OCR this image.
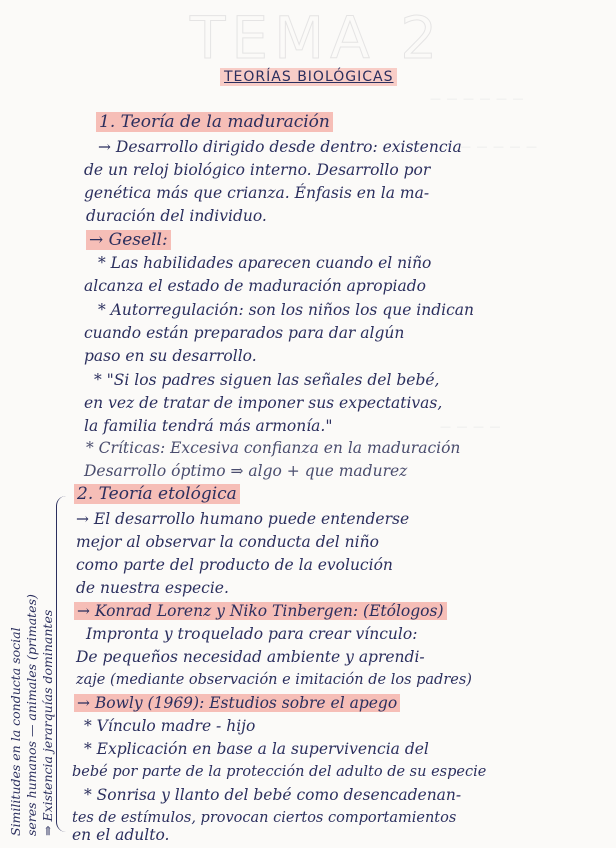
TEMA 2
— — — — — —
— — — — —
— — — —
TEORÍAS BIOLÓGICAS
1. Teoría de la maduración
→ Desarrollo dirigido desde dentro: existencia
de un reloj biológico interno. Desarrollo por
genética más que crianza. Énfasis en la ma-
duración del individuo.
→ Gesell:
* Las habilidades aparecen cuando el niño
alcanza el estado de maduración apropiado
* Autorregulación: son los niños los que indican
cuando están preparados para dar algún
paso en su desarrollo.
* "Si los padres siguen las señales del bebé,
en vez de tratar de imponer sus expectativas,
la familia tendrá más armonía."
* Críticas: Excesiva confianza en la maduración
Desarrollo óptimo ⇒ algo + que madurez
2. Teoría etológica
→ El desarrollo humano puede entenderse
mejor al observar la conducta del niño
como parte del producto de la evolución
de nuestra especie.
→ Konrad Lorenz y Niko Tinbergen: (Etólogos)
Impronta y troquelado para crear vínculo:
De pequeños necesidad ambiente y aprendi-
zaje (mediante observación e imitación de los padres)
→ Bowly (1969): Estudios sobre el apego
* Vínculo madre - hijo
* Explicación en base a la supervivencia del
bebé por parte de la protección del adulto de su especie
* Sonrisa y llanto del bebé como desencadenan-
tes de estímulos, provocan ciertos comportamientos
en el adulto.
Similitudes en la conducta social seres humanos — animales (primates) ⇒ Existencia jerarquías dominantes
